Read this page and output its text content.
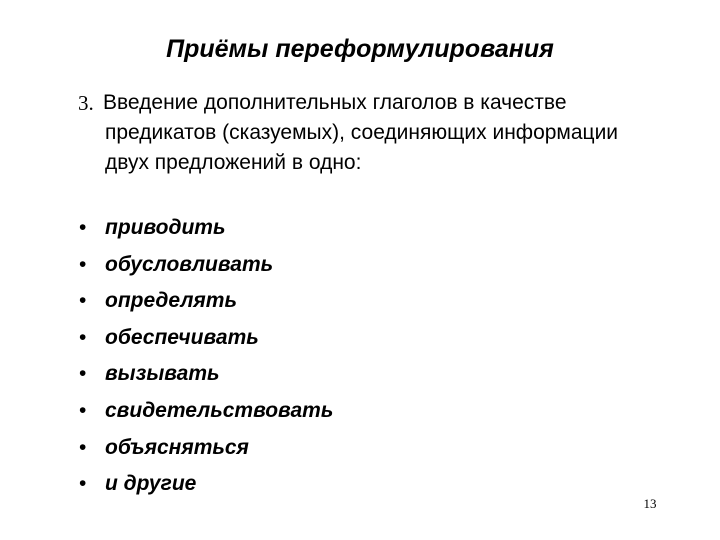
Приёмы переформулирования
3. Введение дополнительных глаголов в качестве предикатов (сказуемых), соединяющих информации двух предложений в одно:
• приводить
• обусловливать
• определять
• обеспечивать
• вызывать
• свидетельствовать
• объясняться
• и другие
13
